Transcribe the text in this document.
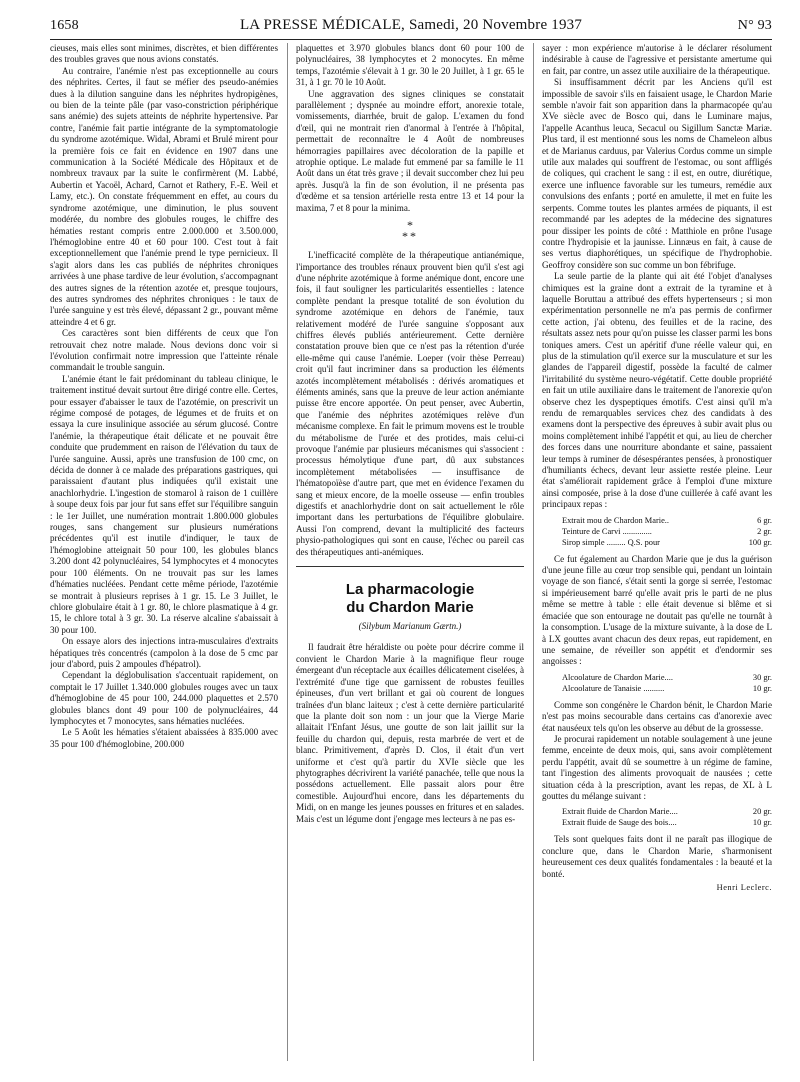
1658	LA PRESSE MÉDICALE, Samedi, 20 Novembre 1937	N° 93

cieuses, mais elles sont minimes, discrètes, et bien différentes des troubles graves que nous avions constatés.

Au contraire, l'anémie n'est pas exceptionnelle au cours des néphrites. Certes, il faut se méfier des pseudo-anémies dues à la dilution sanguine dans les néphrites hydropigènes, ou bien de la teinte pâle (par vaso-constriction périphérique sans anémie) des sujets atteints de néphrite hypertensive. Par contre, l'anémie fait partie intégrante de la symptomatologie du syndrome azotémique. Widal, Abrami et Brulé mirent pour la première fois ce fait en évidence en 1907 dans une communication à la Société Médicale des Hôpitaux et de nombreux travaux par la suite le confirmèrent (M. Labbé, Aubertin et Yacoël, Achard, Carnot et Rathery, F.-E. Weil et Lamy, etc.). On constate fréquemment en effet, au cours du syndrome azotémique, une diminution, le plus souvent modérée, du nombre des globules rouges, le chiffre des hématies restant compris entre 2.000.000 et 3.500.000, l'hémoglobine entre 40 et 60 pour 100. C'est tout à fait exceptionnellement que l'anémie prend le type pernicieux. Il s'agit alors dans les cas publiés de néphrites chroniques arrivées à une phase tardive de leur évolution, s'accompagnant des autres signes de la rétention azotée et, presque toujours, des autres syndromes des néphrites chroniques : le taux de l'urée sanguine y est très élevé, dépassant 2 gr., pouvant même atteindre 4 et 6 gr.

Ces caractères sont bien différents de ceux que l'on retrouvait chez notre malade. Nous devions donc voir si l'évolution confirmait notre impression que l'atteinte rénale commandait le trouble sanguin.

L'anémie étant le fait prédominant du tableau clinique, le traitement institué devait surtout être dirigé contre elle. Certes, pour essayer d'abaisser le taux de l'azotémie, on prescrivit un régime composé de potages, de légumes et de fruits et on essaya la cure insulinique associée au sérum glucosé. Contre l'anémie, la thérapeutique était délicate et ne pouvait être conduite que prudemment en raison de l'élévation du taux de l'urée sanguine. Aussi, après une transfusion de 100 cmc, on décida de donner à ce malade des préparations gastriques, qui paraissaient d'autant plus indiquées qu'il existait une anachlorhydrie. L'ingestion de stomarol à raison de 1 cuillère à soupe deux fois par jour fut sans effet sur l'équilibre sanguin : le 1er Juillet, une numération montrait 1.800.000 globules rouges, sans changement sur plusieurs numérations précédentes qu'il est inutile d'indiquer, le taux de l'hémoglobine atteignait 50 pour 100, les globules blancs 3.200 dont 42 polynucléaires, 54 lymphocytes et 4 monocytes pour 100 éléments. On ne trouvait pas sur les lames d'hématies nucléées. Pendant cette même période, l'azotémie se montrait à plusieurs reprises à 1 gr. 15. Le 3 Juillet, le chlore globulaire était à 1 gr. 80, le chlore plasmatique à 4 gr. 15, le chlore total à 3 gr. 30. La réserve alcaline s'abaissait à 30 pour 100.

On essaye alors des injections intra-musculaires d'extraits hépatiques très concentrés (campolon à la dose de 5 cmc par jour d'abord, puis 2 ampoules d'hépatrol).

Cependant la déglobulisation s'accentuait rapidement, on comptait le 17 Juillet 1.340.000 globules rouges avec un taux d'hémoglobine de 45 pour 100, 244.000 plaquettes et 2.570 globules blancs dont 49 pour 100 de polynucléaires, 44 lymphocytes et 7 monocytes, sans hématies nucléées.

Le 5 Août les hématies s'étaient abaissées à 835.000 avec 35 pour 100 d'hémoglobine, 200.000

plaquettes et 3.970 globules blancs dont 60 pour 100 de polynucléaires, 38 lymphocytes et 2 monocytes. En même temps, l'azotémie s'élevait à 1 gr. 30 le 20 Juillet, à 1 gr. 65 le 31, à 1 gr. 70 le 10 Août.

Une aggravation des signes cliniques se constatait parallèlement ; dyspnée au moindre effort, anorexie totale, vomissements, diarrhée, bruit de galop. L'examen du fond d'œil, qui ne montrait rien d'anormal à l'entrée à l'hôpital, permettait de reconnaître le 4 Août de nombreuses hémorragies papillaires avec décoloration de la papille et atrophie optique. Le malade fut emmené par sa famille le 11 Août dans un état très grave ; il devait succomber chez lui peu après. Jusqu'à la fin de son évolution, il ne présenta pas d'œdème et sa tension artérielle resta entre 13 et 14 pour la maxima, 7 et 8 pour la minima.

*
**

L'inefficacité complète de la thérapeutique antianémique, l'importance des troubles rénaux prouvent bien qu'il s'est agi d'une néphrite azotémique à forme anémique dont, encore une fois, il faut souligner les particularités essentielles : latence complète pendant la presque totalité de son évolution du syndrome azotémique en dehors de l'anémie, taux relativement modéré de l'urée sanguine s'opposant aux chiffres élevés publiés antérieurement. Cette dernière constatation prouve bien que ce n'est pas la rétention d'urée elle-même qui cause l'anémie. Loeper (voir thèse Perreau) croit qu'il faut incriminer dans sa production les éléments azotés incomplètement métabolisés : dérivés aromatiques et éléments aminés, sans que la preuve de leur action anémiante puisse être encore apportée. On peut penser, avec Aubertin, que l'anémie des néphrites azotémiques relève d'un mécanisme complexe. En fait le primum movens est le trouble du métabolisme de l'urée et des protides, mais celui-ci provoque l'anémie par plusieurs mécanismes qui s'associent : processus hémolytique d'une part, dû aux substances incomplètement métabolisées — insuffisance de l'hématopoïèse d'autre part, que met en évidence l'examen du sang et mieux encore, de la moelle osseuse — enfin troubles digestifs et anachlorhydrie dont on sait actuellement le rôle important dans les perturbations de l'équilibre globulaire. Aussi l'on comprend, devant la multiplicité des facteurs physio-pathologiques qui sont en cause, l'échec ou pareil cas des thérapeutiques anti-anémiques.

La pharmacologie
du Chardon Marie
(Silybum Marianum Gærtn.)

Il faudrait être héraldiste ou poète pour décrire comme il convient le Chardon Marie à la magnifique fleur rouge émergeant d'un réceptacle aux écailles délicatement ciselées, à l'extrémité d'une tige que garnissent de robustes feuilles épineuses, d'un vert brillant et gai où courent de longues traînées d'un blanc laiteux ; c'est à cette dernière particularité que la plante doit son nom : un jour que la Vierge Marie allaitait l'Enfant Jésus, une goutte de son lait jaillit sur la feuille du chardon qui, depuis, resta marbrée de vert et de blanc. Primitivement, d'après D. Clos, il était d'un vert uniforme et c'est qu'à partir du XVIe siècle que les phytographes décrivirent la variété panachée, telle que nous la possédons actuellement. Elle passait alors pour être comestible. Aujourd'hui encore, dans les départements du Midi, on en mange les jeunes pousses en fritures et en salades. Mais c'est un légume dont j'engage mes lecteurs à ne pas es-

sayer : mon expérience m'autorise à le déclarer résolument indésirable à cause de l'agressive et persistante amertume qui en fait, par contre, un assez utile auxiliaire de la thérapeutique.

Si insuffisamment décrit par les Anciens qu'il est impossible de savoir s'ils en faisaient usage, le Chardon Marie semble n'avoir fait son apparition dans la pharmacopée qu'au XVe siècle avec de Bosco qui, dans le Luminare majus, l'appelle Acanthus leuca, Secacul ou Sigillum Sanctæ Mariæ. Plus tard, il est mentionné sous les noms de Chameleon albus et de Marianus carduus, par Valerius Cordus comme un simple utile aux malades qui souffrent de l'estomac, ou sont affligés de coliques, qui crachent le sang : il est, en outre, diurétique, exerce une influence favorable sur les tumeurs, remédie aux convulsions des enfants ; porté en amulette, il met en fuite les serpents. Comme toutes les plantes armées de piquants, il est recommandé par les adeptes de la médecine des signatures pour dissiper les points de côté : Matthiole en prône l'usage contre l'hydropisie et la jaunisse. Linnæus en fait, à cause de ses vertus diaphorétiques, un spécifique de l'hydrophobie. Geoffroy considère son suc comme un bon fébrifuge.

La seule partie de la plante qui ait été l'objet d'analyses chimiques est la graine dont a extrait de la tyramine et à laquelle Boruttau a attribué des effets hypertenseurs ; si mon expérimentation personnelle ne m'a pas permis de confirmer cette action, j'ai obtenu, des feuilles et de la racine, des résultats assez nets pour qu'on puisse les classer parmi les bons toniques amers. C'est un apéritif d'une réelle valeur qui, en plus de la stimulation qu'il exerce sur la musculature et sur les glandes de l'appareil digestif, possède la faculté de calmer l'irritabilité du système neuro-végétatif. Cette double propriété en fait un utile auxiliaire dans le traitement de l'anorexie qu'on observe chez les dyspeptiques émotifs. C'est ainsi qu'il m'a rendu de remarquables services chez des candidats à des examens dont la perspective des épreuves à subir avait plus ou moins complètement inhibé l'appétit et qui, au lieu de chercher des forces dans une nourriture abondante et saine, passaient leur temps à ruminer de désespérantes pensées, à pronostiquer d'humiliants échecs, devant leur assiette restée pleine. Leur état s'améliorait rapidement grâce à l'emploi d'une mixture ainsi composée, prise à la dose d'une cuillerée à café avant les principaux repas :

Extrait mou de Chardon Marie..	6 gr.
Teinture de Carvi ..............	2 gr.
Sirop simple ......... Q.S. pour	100 gr.

Ce fut également au Chardon Marie que je dus la guérison d'une jeune fille au cœur trop sensible qui, pendant un lointain voyage de son fiancé, s'était senti la gorge si serrée, l'estomac si impérieusement barré qu'elle avait pris le parti de ne plus même se mettre à table : elle était devenue si blême et si émaciée que son entourage ne doutait pas qu'elle ne tournât à la consomption. L'usage de la mixture suivante, à la dose de L à LX gouttes avant chacun des deux repas, eut rapidement, en une semaine, de réveiller son appétit et d'endormir ses angoisses :

Alcoolature de Chardon Marie....	30 gr.
Alcoolature de Tanaisie ..........	10 gr.

Comme son congénère le Chardon bénit, le Chardon Marie n'est pas moins secourable dans certains cas d'anorexie avec état nauséeux tels qu'on les observe au début de la grossesse.

Je procurai rapidement un notable soulagement à une jeune femme, enceinte de deux mois, qui, sans avoir complètement perdu l'appétit, avait dû se soumettre à un régime de famine, tant l'ingestion des aliments provoquait de nausées ; cette situation céda à la prescription, avant les repas, de XL à L gouttes du mélange suivant :

Extrait fluide de Chardon Marie....	20 gr.
Extrait fluide de Sauge des bois....	10 gr.

Tels sont quelques faits dont il ne paraît pas illogique de conclure que, dans le Chardon Marie, s'harmonisent heureusement ces deux qualités fondamentales : la beauté et la bonté.

Henri Leclerc.
